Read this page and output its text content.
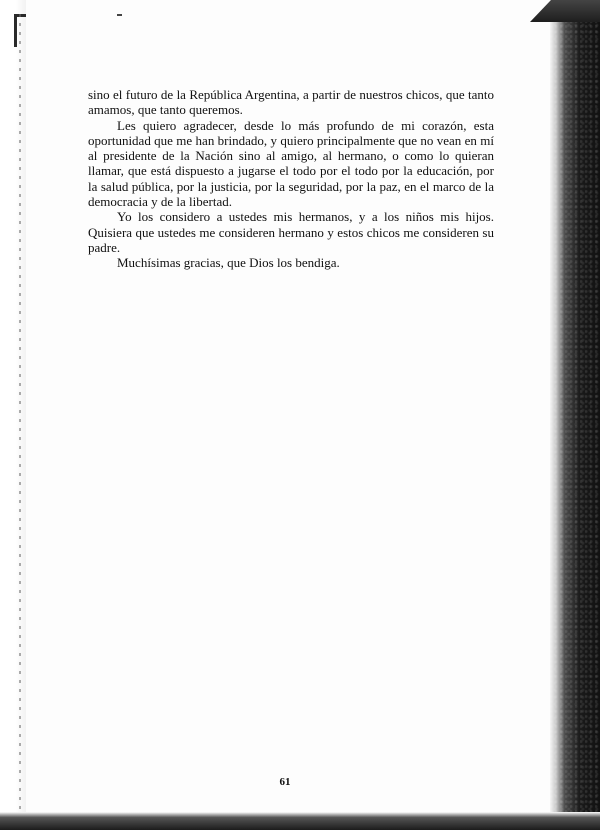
sino el futuro de la República Argentina, a partir de nuestros chicos, que tanto amamos, que tanto queremos.

Les quiero agradecer, desde lo más profundo de mi corazón, esta oportunidad que me han brindado, y quiero principalmente que no vean en mí al presidente de la Nación sino al amigo, al hermano, o como lo quieran llamar, que está dispuesto a jugarse el todo por el todo por la educación, por la salud pública, por la justicia, por la seguridad, por la paz, en el marco de la democracia y de la libertad.

Yo los considero a ustedes mis hermanos, y a los niños mis hijos. Quisiera que ustedes me consideren hermano y estos chicos me consideren su padre.

Muchísimas gracias, que Dios los bendiga.

61
